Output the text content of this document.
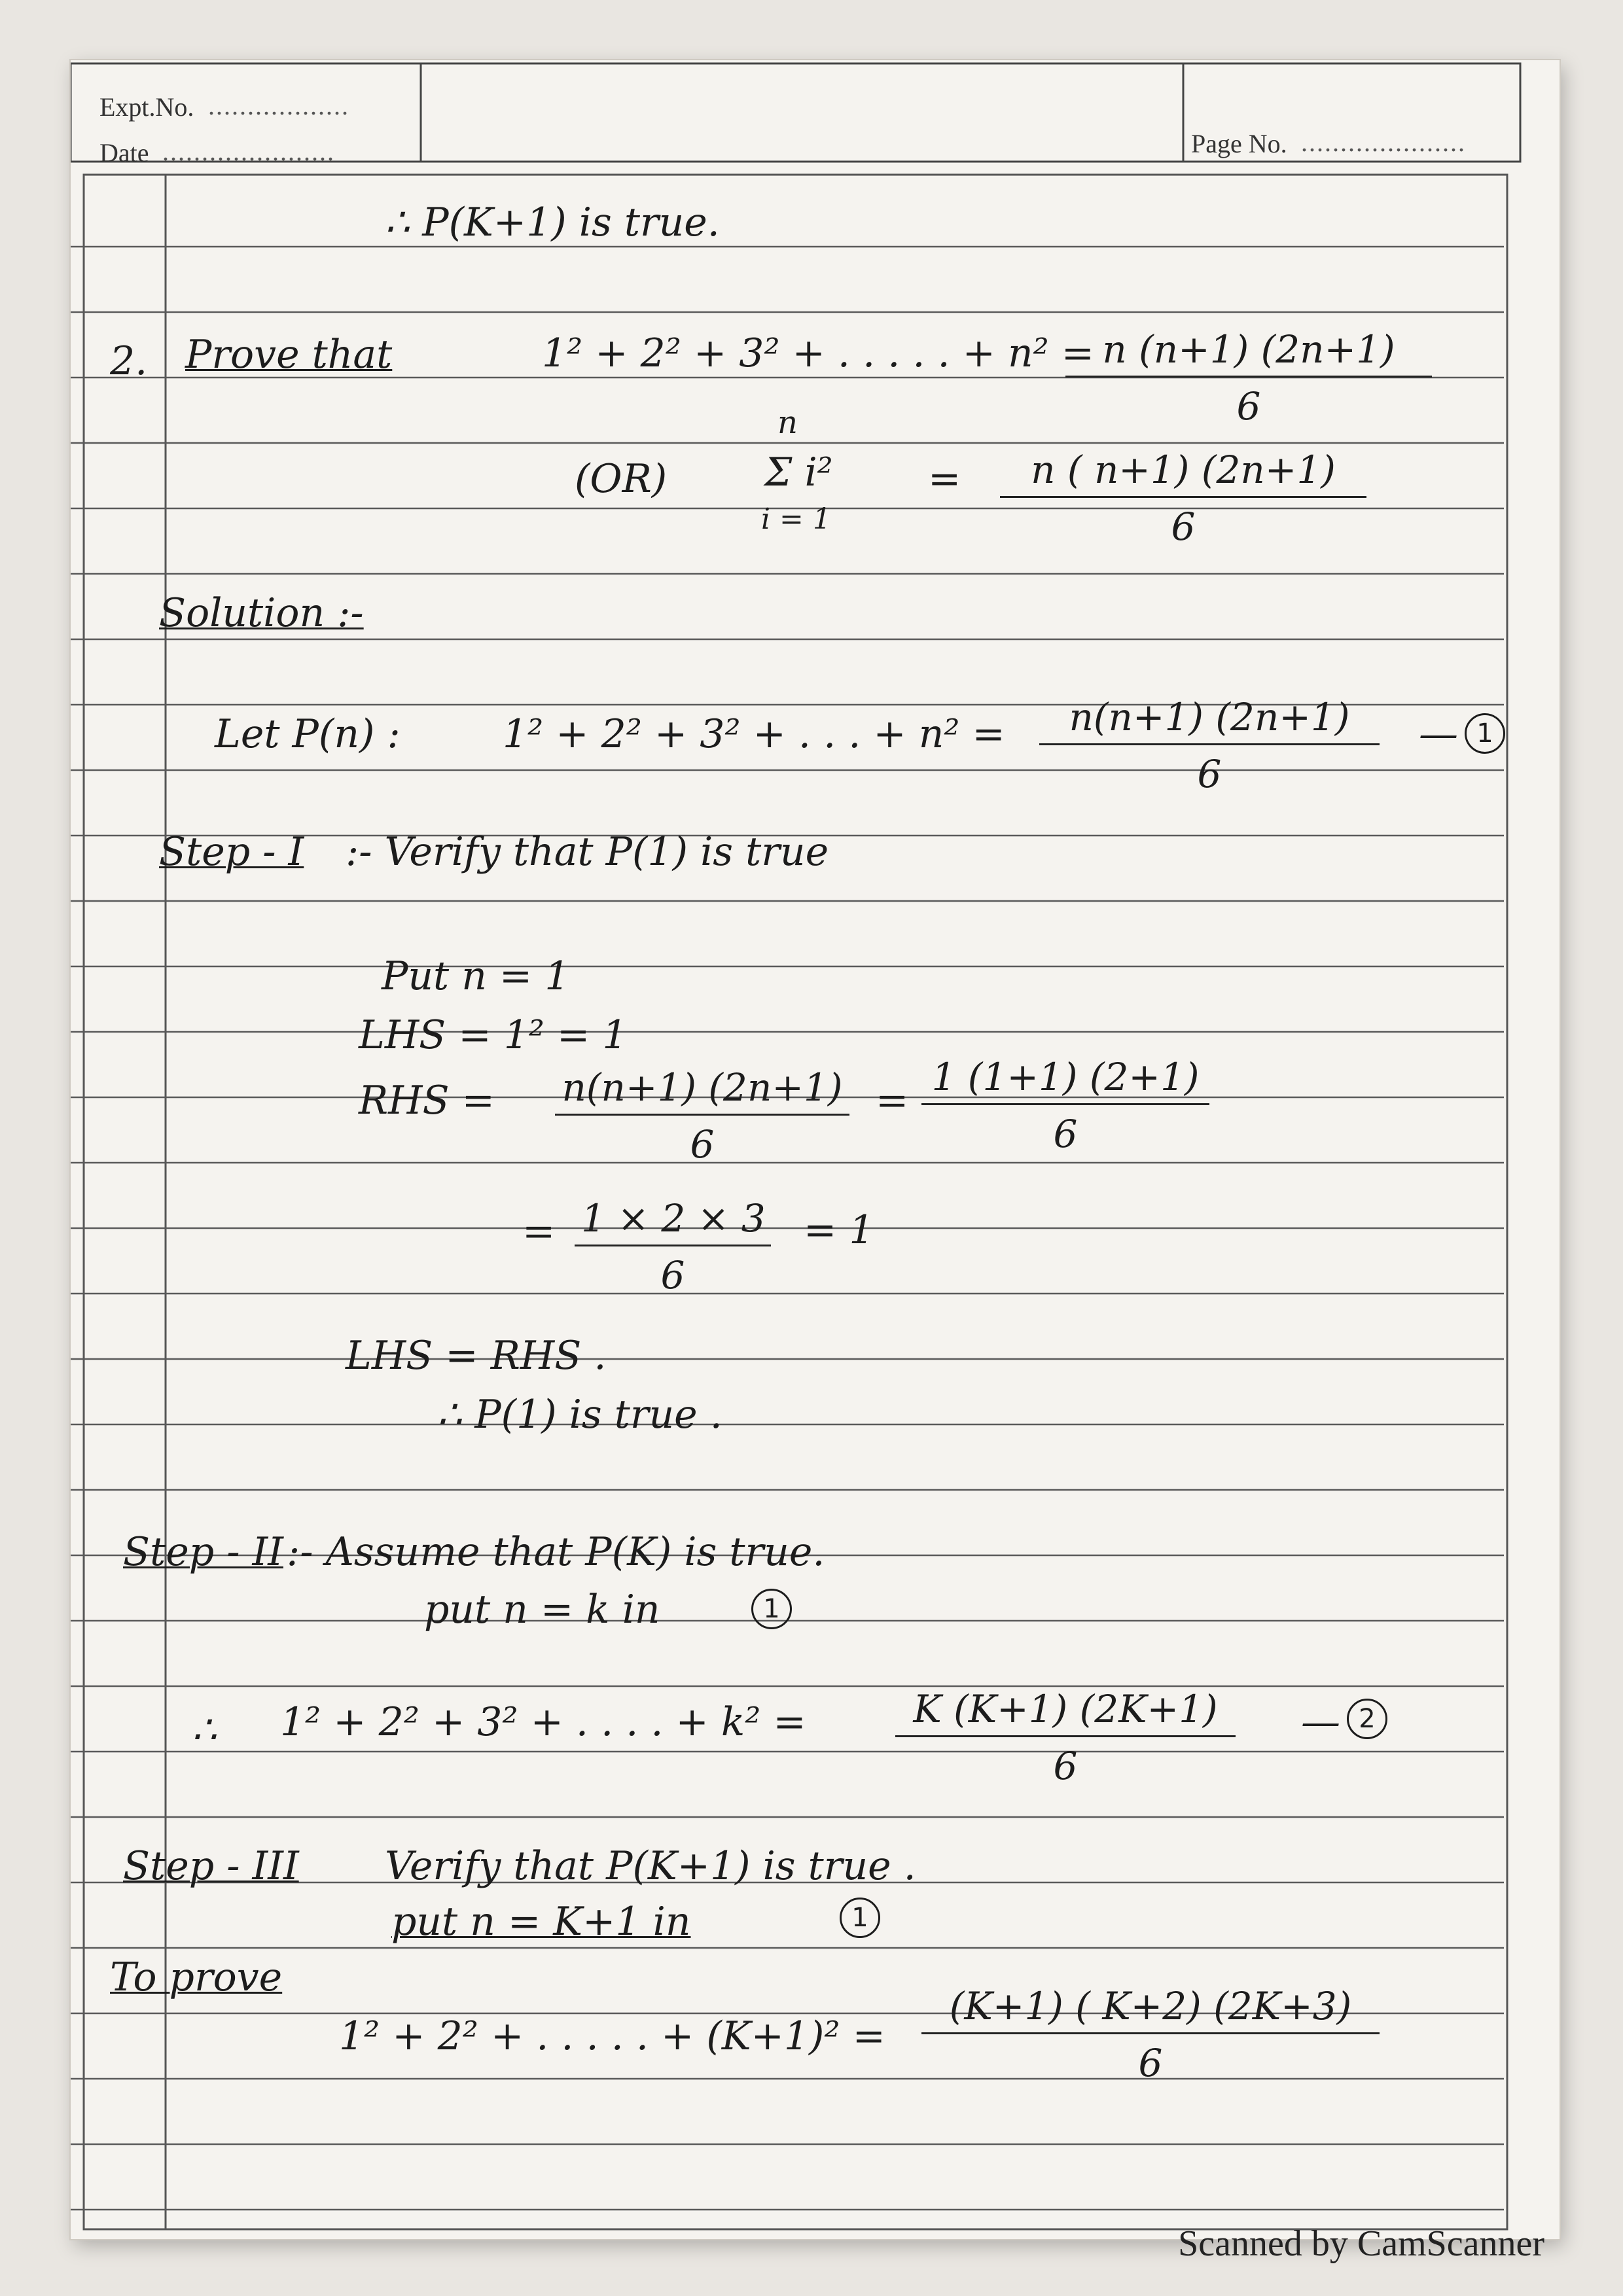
Expt.No. ..................
Date ......................	Page No. .....................
∴ P(K+1) is true.
2. Prove that	1² + 2² + 3² + . . . . . + n² =
$\frac{n (n+1) (2n+1)}{6}$
(OR)
n
Σ i²
i = 1
= $\frac{n ( n+1) (2n+1)}{6}$
Solution :-
Let P(n) :	1² + 2² + 3² + . . . + $n^2 = \frac{n(n+1) (2n+1)}{6}$ — 1
Step - I :- Verify that P(1) is true
Put n = 1
LHS = 1² = 1
RHS = $\frac{n(n+1) (2n+1)}{6} = \frac{1 (1+1) (2+1)}{6}$
= $\frac{1 \times 2 \times 3}{6} = 1$
LHS = RHS .
∴ P(1) is true .
Step - II :- Assume that P(K) is true.
put n = k in	1
∴ 1² + 2² + 3² + . . . . + $k^2 = \frac{K (K+1) (2K+1)}{6}$ — 2
Step - III Verify that P(K+1) is true .
put n = K+1 in	1
To prove
1² + 2² + . . . . . + $(K+1)^2 = \frac{(K+1) ( K+2) (2K+3)}{6}$
Scanned by CamScanner
